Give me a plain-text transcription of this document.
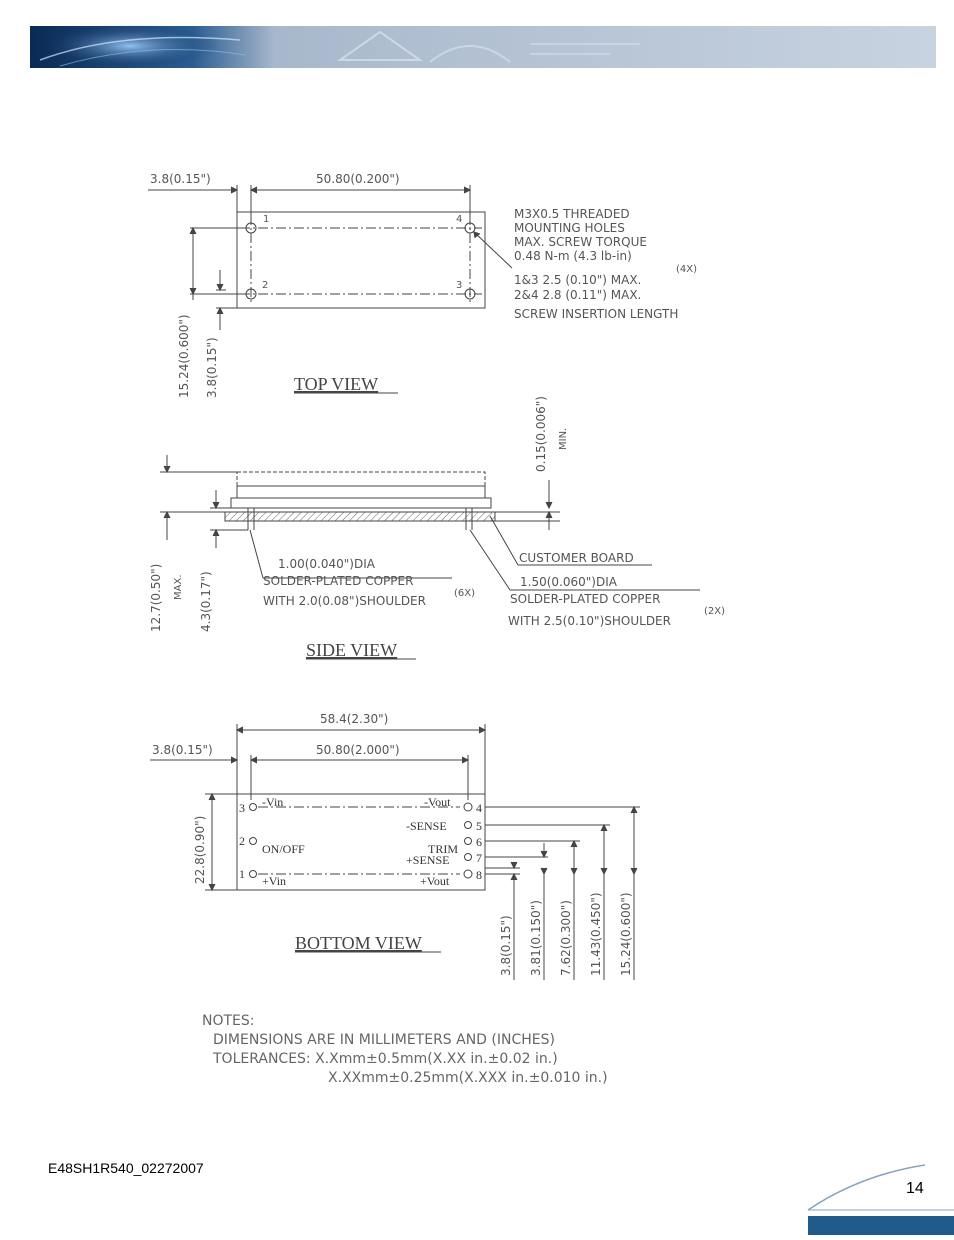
3.8(0.15")	50.80(0.200")
1
2	3
4
15.24(0.600") 3.8(0.15")
M3X0.5 THREADED
MOUNTING HOLES
MAX. SCREW TORQUE
0.48 N-m (4.3 lb-in)
(4X)
1&3 2.5 (0.10") MAX.
2&4 2.8 (0.11") MAX.
SCREW INSERTION LENGTH
TOP VIEW
0.15(0.006") MIN.
12.7(0.50") MAX. 4.3(0.17")
CUSTOMER BOARD
1.00(0.040")DIA
SOLDER-PLATED COPPER
WITH 2.0(0.08")SHOULDER
(6X)
1.50(0.060")DIA
SOLDER-PLATED COPPER
WITH 2.5(0.10")SHOULDER
(2X)
SIDE VIEW
58.4(2.30")
3.8(0.15")	50.80(2.000")
22.8(0.90")
3 -Vin
2
ON/OFF
1 +Vin
4
-Vout
5
-SENSE
6
TRIM
7
+SENSE
8
+Vout
3.8(0.15") 3.81(0.150") 7.62(0.300") 11.43(0.450") 15.24(0.600")
BOTTOM VIEW
NOTES:
DIMENSIONS ARE IN MILLIMETERS AND (INCHES)
TOLERANCES: X.Xmm±0.5mm(X.XX in.±0.02 in.)
X.XXmm±0.25mm(X.XXX in.±0.010 in.)
E48SH1R540_02272007
14
